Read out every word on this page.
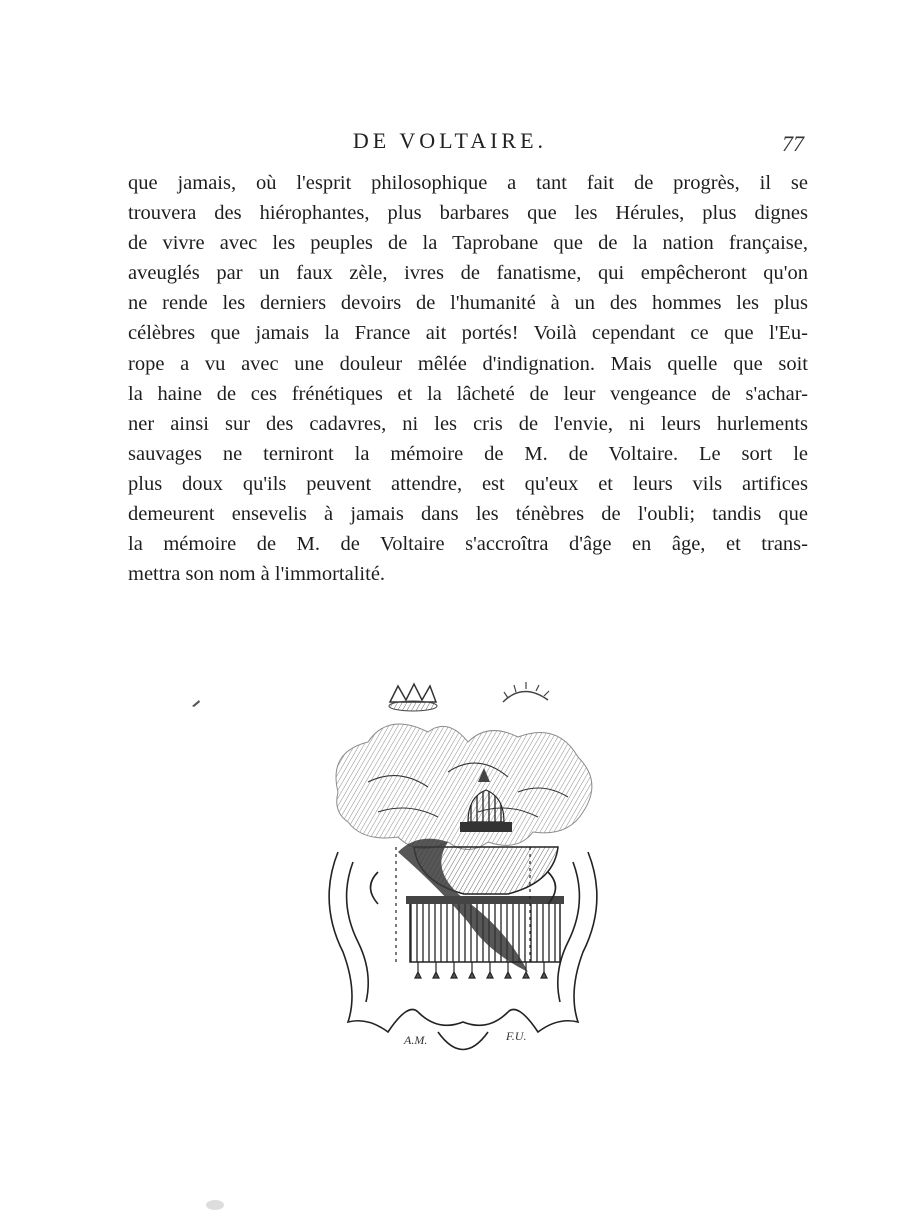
DE VOLTAIRE.	77
que jamais, où l'esprit philosophique a tant fait de progrès, il se
trouvera des hiérophantes, plus barbares que les Hérules, plus dignes
de vivre avec les peuples de la Taprobane que de la nation française,
aveuglés par un faux zèle, ivres de fanatisme, qui empêcheront qu'on
ne rende les derniers devoirs de l'humanité à un des hommes les plus
célèbres que jamais la France ait portés! Voilà cependant ce que l'Eu-
rope a vu avec une douleur mêlée d'indignation. Mais quelle que soit
la haine de ces frénétiques et la lâcheté de leur vengeance de s'achar-
ner ainsi sur des cadavres, ni les cris de l'envie, ni leurs hurlements
sauvages ne terniront la mémoire de M. de Voltaire. Le sort le
plus doux qu'ils peuvent attendre, est qu'eux et leurs vils artifices
demeurent ensevelis à jamais dans les ténèbres de l'oubli; tandis que
la mémoire de M. de Voltaire s'accroîtra d'âge en âge, et trans-
mettra son nom à l'immortalité.
A.M.	F.U.
